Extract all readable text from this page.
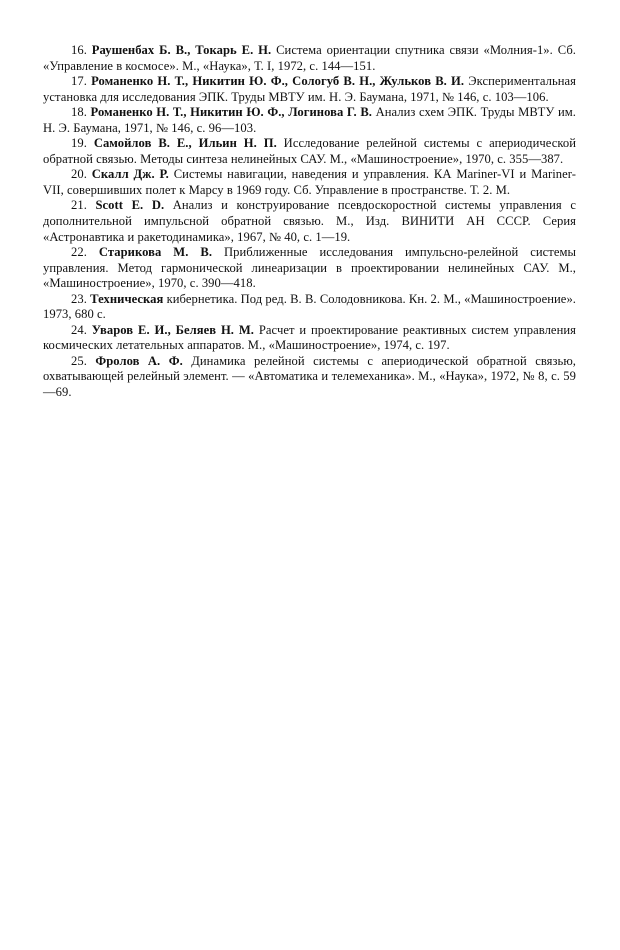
16. Раушенбах Б. В., Токарь Е. Н. Система ориентации спутника связи «Молния-1». Сб. «Управление в космосе». М., «Наука», Т. I, 1972, с. 144—151.
17. Романенко Н. Т., Никитин Ю. Ф., Сологуб В. Н., Жульков В. И. Экспериментальная установка для исследования ЭПК. Труды МВТУ им. Н. Э. Баумана, 1971, № 146, с. 103—106.
18. Романенко Н. Т., Никитин Ю. Ф., Логинова Г. В. Анализ схем ЭПК. Труды МВТУ им. Н. Э. Баумана, 1971, № 146, с. 96—103.
19. Самойлов В. Е., Ильин Н. П. Исследование релейной системы с апериодической обратной связью. Методы синтеза нелинейных САУ. М., «Машиностроение», 1970, с. 355—387.
20. Скалл Дж. Р. Системы навигации, наведения и управления. КА Mariner-VI и Mariner-VII, совершивших полет к Марсу в 1969 году. Сб. Управление в пространстве. Т. 2. М.
21. Scott E. D. Анализ и конструирование псевдоскоростной системы управления с дополнительной импульсной обратной связью. М., Изд. ВИНИТИ АН СССР. Серия «Астронавтика и ракетодинамика», 1967, № 40, с. 1—19.
22. Старикова М. В. Приближенные исследования импульсно-релейной системы управления. Метод гармонической линеаризации в проектировании нелинейных САУ. М., «Машиностроение», 1970, с. 390—418.
23. Техническая кибернетика. Под ред. В. В. Солодовникова. Кн. 2. М., «Машиностроение». 1973, 680 с.
24. Уваров Е. И., Беляев Н. М. Расчет и проектирование реактивных систем управления космических летательных аппаратов. М., «Машиностроение», 1974, с. 197.
25. Фролов А. Ф. Динамика релейной системы с апериодической обратной связью, охватывающей релейный элемент. — «Автоматика и телемеханика». М., «Наука», 1972, № 8, с. 59—69.
